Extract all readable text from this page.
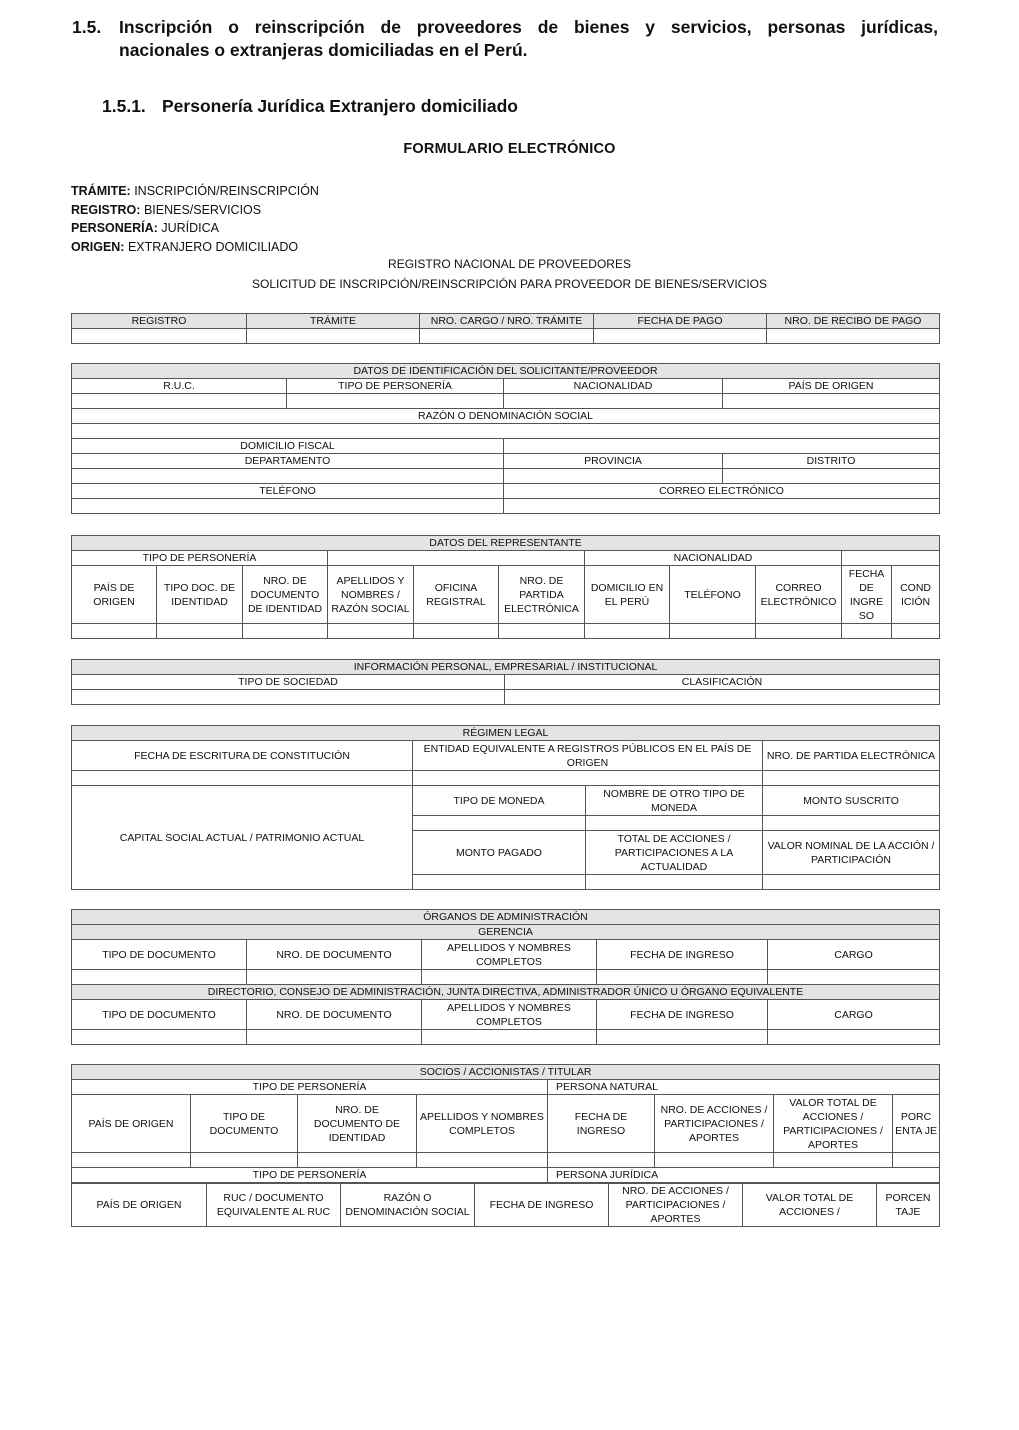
1.5. Inscripción o reinscripción de proveedores de bienes y servicios, personas jurídicas,
nacionales o extranjeras domiciliadas en el Perú.
1.5.1. Personería Jurídica Extranjero domiciliado
FORMULARIO ELECTRÓNICO
TRÁMITE: INSCRIPCIÓN/REINSCRIPCIÓN
REGISTRO: BIENES/SERVICIOS
PERSONERÍA: JURÍDICA
ORIGEN: EXTRANJERO DOMICILIADO
REGISTRO NACIONAL DE PROVEEDORES
SOLICITUD DE INSCRIPCIÓN/REINSCRIPCIÓN PARA PROVEEDOR DE BIENES/SERVICIOS
REGISTRO	TRÁMITE	NRO. CARGO / NRO. TRÁMITE	FECHA DE PAGO	NRO. DE RECIBO DE PAGO

DATOS DE IDENTIFICACIÓN DEL SOLICITANTE/PROVEEDOR			
R.U.C.	TIPO DE PERSONERÍA	NACIONALIDAD	PAÍS DE ORIGEN

RAZÓN O DENOMINACIÓN SOCIAL			

DOMICILIO FISCAL			
DEPARTAMENTO		PROVINCIA	DISTRITO

TELÉFONO		CORREO ELECTRÓNICO	

DATOS DEL REPRESENTANTE										
TIPO DE PERSONERÍA						NACIONALIDAD				
PAÍS DE ORIGEN	TIPO DOC. DE IDENTIDAD	NRO. DE DOCUMENTO DE IDENTIDAD	APELLIDOS Y NOMBRES / RAZÓN SOCIAL	OFICINA REGISTRAL	NRO. DE PARTIDA ELECTRÓNICA	DOMICILIO EN EL PERÚ	TELÉFONO	CORREO ELECTRÓNICO	FECHA DE INGRE SO	COND ICIÓN

INFORMACIÓN PERSONAL, EMPRESARIAL / INSTITUCIONAL	
TIPO DE SOCIEDAD	CLASIFICACIÓN

RÉGIMEN LEGAL			
FECHA DE ESCRITURA DE CONSTITUCIÓN	ENTIDAD EQUIVALENTE A REGISTROS PÚBLICOS EN EL PAÍS DE ORIGEN		NRO. DE PARTIDA ELECTRÓNICA

CAPITAL SOCIAL ACTUAL / PATRIMONIO ACTUAL	TIPO DE MONEDA	NOMBRE DE OTRO TIPO DE MONEDA	MONTO SUSCRITO

	MONTO PAGADO	TOTAL DE ACCIONES / PARTICIPACIONES A LA ACTUALIDAD	VALOR NOMINAL DE LA ACCIÓN / PARTICIPACIÓN

ÓRGANOS DE ADMINISTRACIÓN				
GERENCIA				
TIPO DE DOCUMENTO	NRO. DE DOCUMENTO	APELLIDOS Y NOMBRES COMPLETOS	FECHA DE INGRESO	CARGO

DIRECTORIO, CONSEJO DE ADMINISTRACIÓN, JUNTA DIRECTIVA, ADMINISTRADOR ÚNICO U ÓRGANO EQUIVALENTE				
TIPO DE DOCUMENTO	NRO. DE DOCUMENTO	APELLIDOS Y NOMBRES COMPLETOS	FECHA DE INGRESO	CARGO

SOCIOS / ACCIONISTAS / TITULAR							
TIPO DE PERSONERÍA				PERSONA NATURAL			
PAÍS DE ORIGEN	TIPO DE DOCUMENTO	NRO. DE DOCUMENTO DE IDENTIDAD	APELLIDOS Y NOMBRES COMPLETOS	FECHA DE INGRESO	NRO. DE ACCIONES / PARTICIPACIONES / APORTES	VALOR TOTAL DE ACCIONES / PARTICIPACIONES / APORTES	PORC ENTA JE

TIPO DE PERSONERÍA				PERSONA JURÍDICA			
PAÍS DE ORIGEN	RUC / DOCUMENTO EQUIVALENTE AL RUC	RAZÓN O DENOMINACIÓN SOCIAL	FECHA DE INGRESO	NRO. DE ACCIONES / PARTICIPACIONES / APORTES	VALOR TOTAL DE ACCIONES /	PORCEN TAJE
